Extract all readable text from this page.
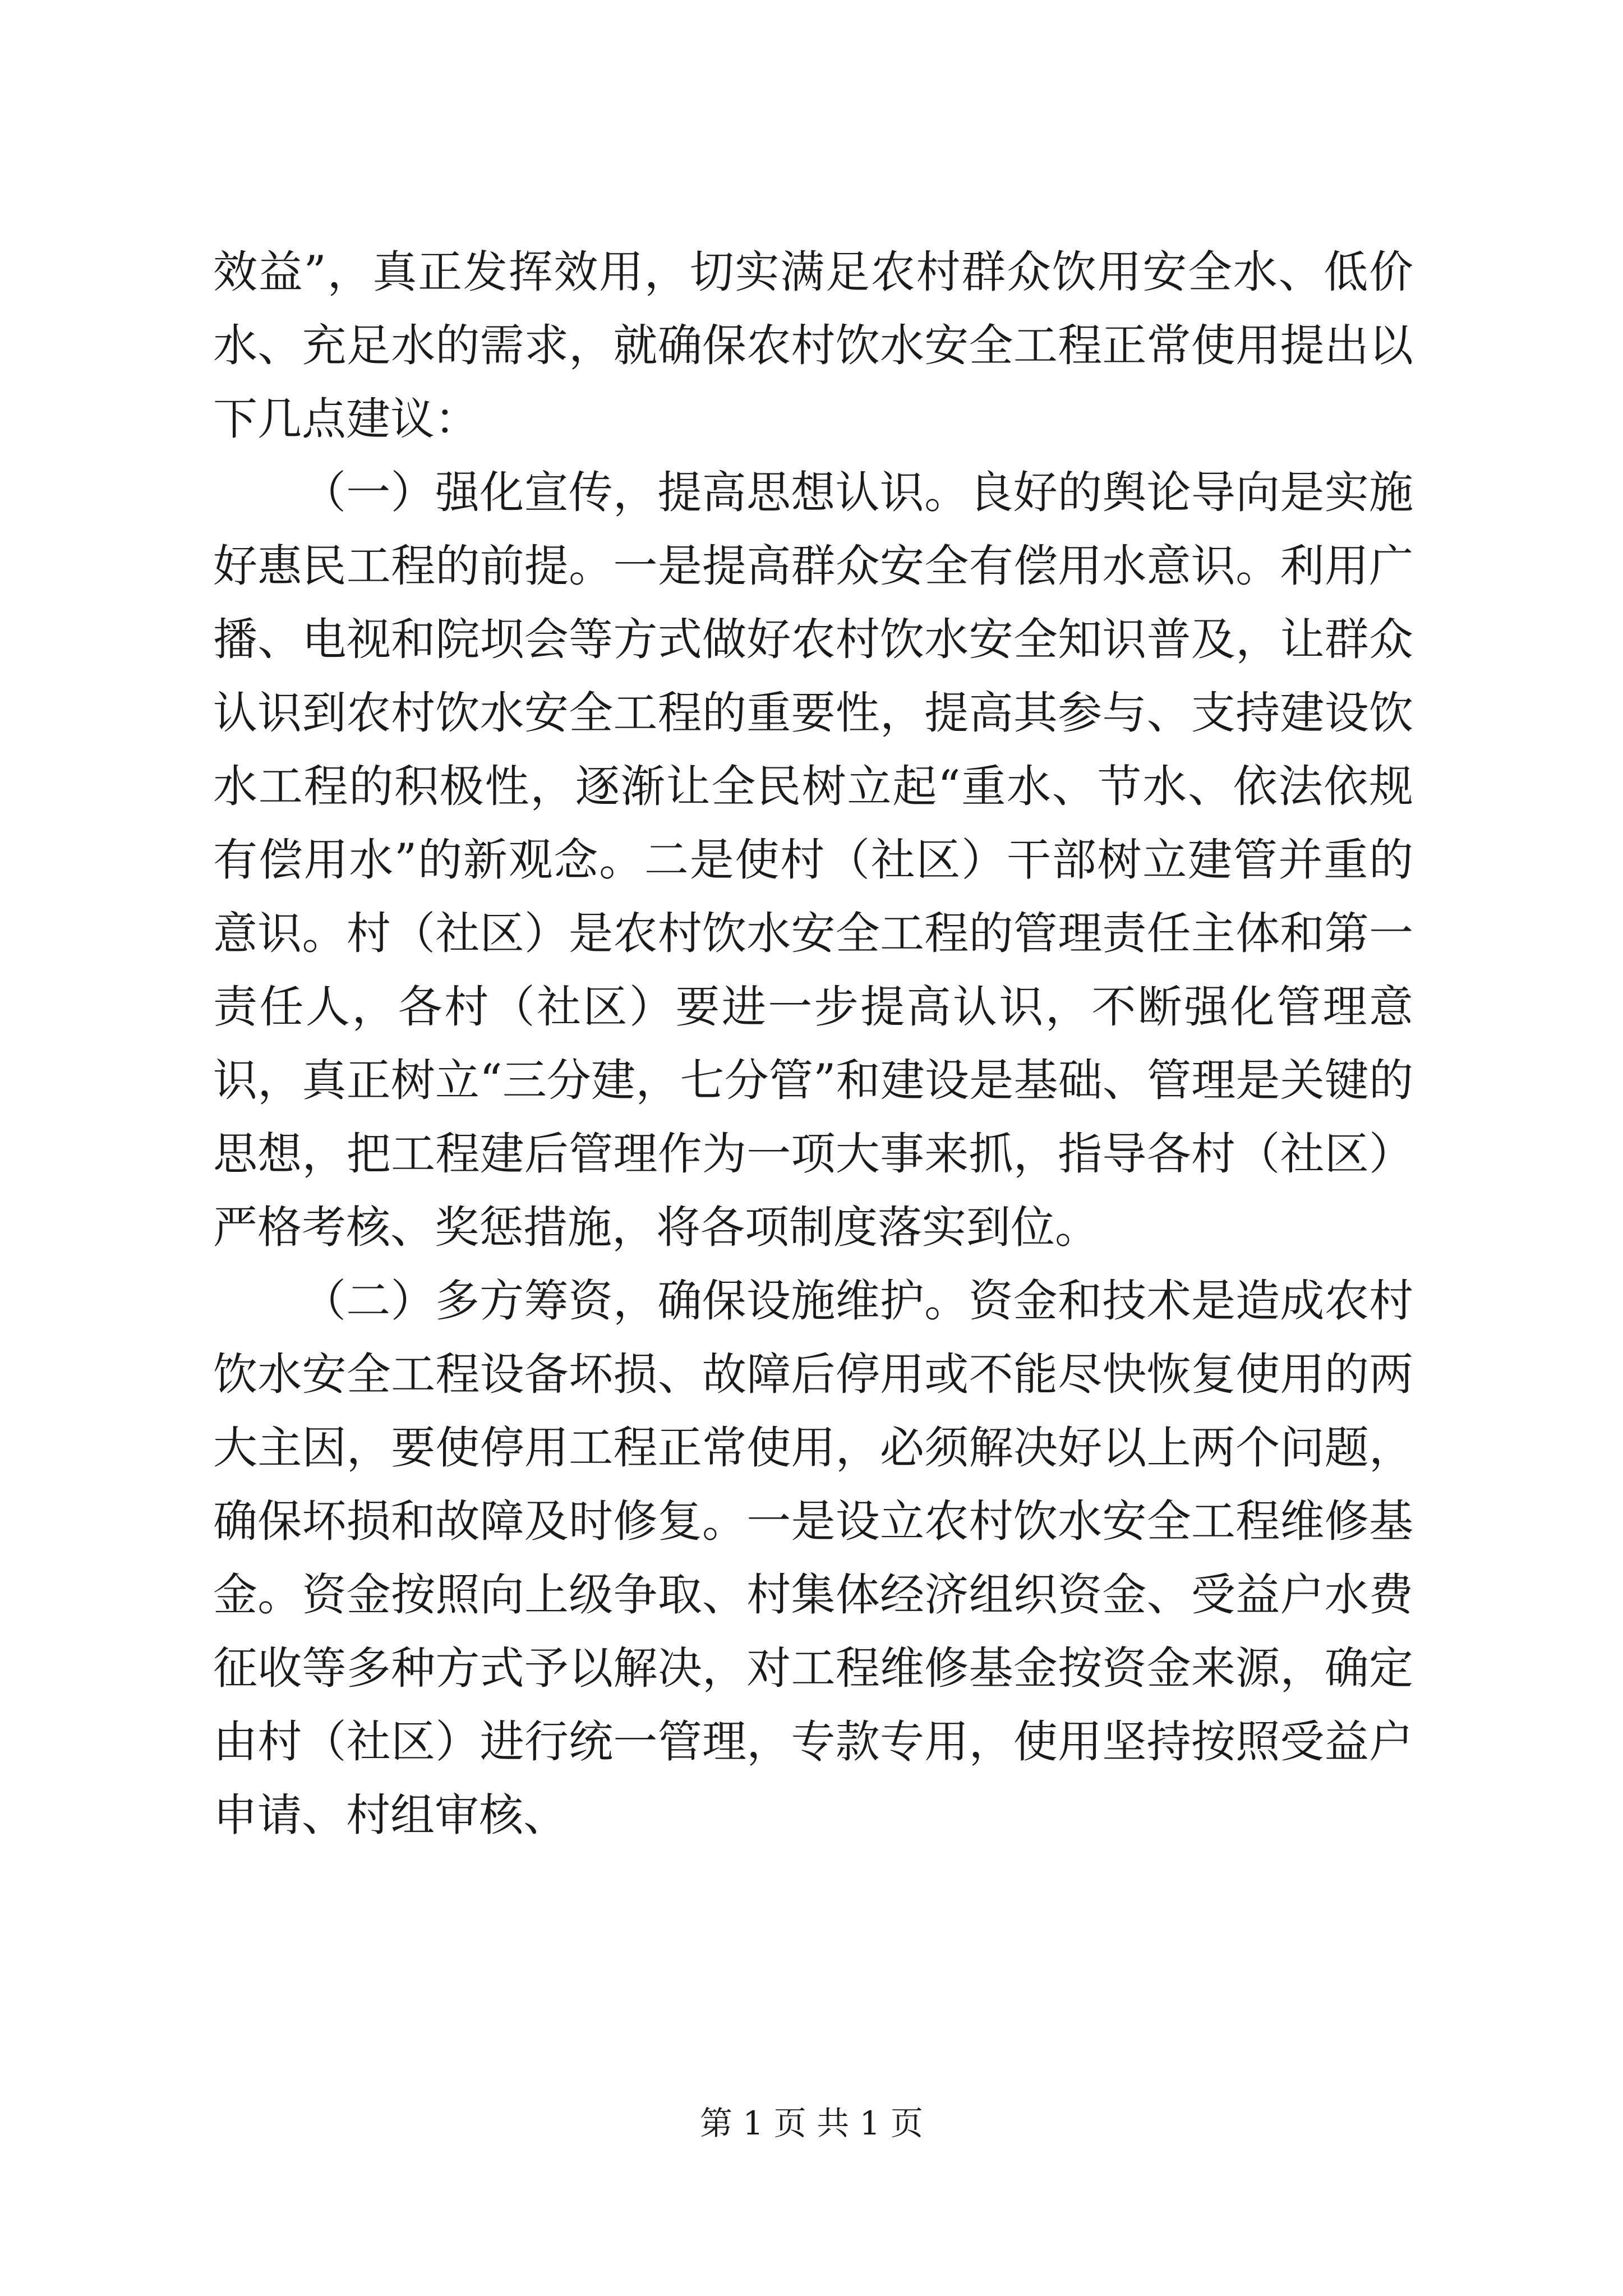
效益”，真正发挥效用，切实满足农村群众饮用安全水、低价水、充足水的需求，就确保农村饮水安全工程正常使用提出以下几点建议：

（一）强化宣传，提高思想认识。良好的舆论导向是实施好惠民工程的前提。一是提高群众安全有偿用水意识。利用广播、电视和院坝会等方式做好农村饮水安全知识普及，让群众认识到农村饮水安全工程的重要性，提高其参与、支持建设饮水工程的积极性，逐渐让全民树立起“重水、节水、依法依规有偿用水”的新观念。二是使村（社区）干部树立建管并重的意识。村（社区）是农村饮水安全工程的管理责任主体和第一责任人，各村（社区）要进一步提高认识，不断强化管理意识，真正树立“三分建，七分管”和建设是基础、管理是关键的思想，把工程建后管理作为一项大事来抓，指导各村（社区）严格考核、奖惩措施，将各项制度落实到位。

（二）多方筹资，确保设施维护。资金和技术是造成农村饮水安全工程设备坏损、故障后停用或不能尽快恢复使用的两大主因，要使停用工程正常使用，必须解决好以上两个问题，确保坏损和故障及时修复。一是设立农村饮水安全工程维修基金。资金按照向上级争取、村集体经济组织资金、受益户水费征收等多种方式予以解决，对工程维修基金按资金来源，确定由村（社区）进行统一管理，专款专用，使用坚持按照受益户申请、村组审核、

第 1 页 共 1 页
